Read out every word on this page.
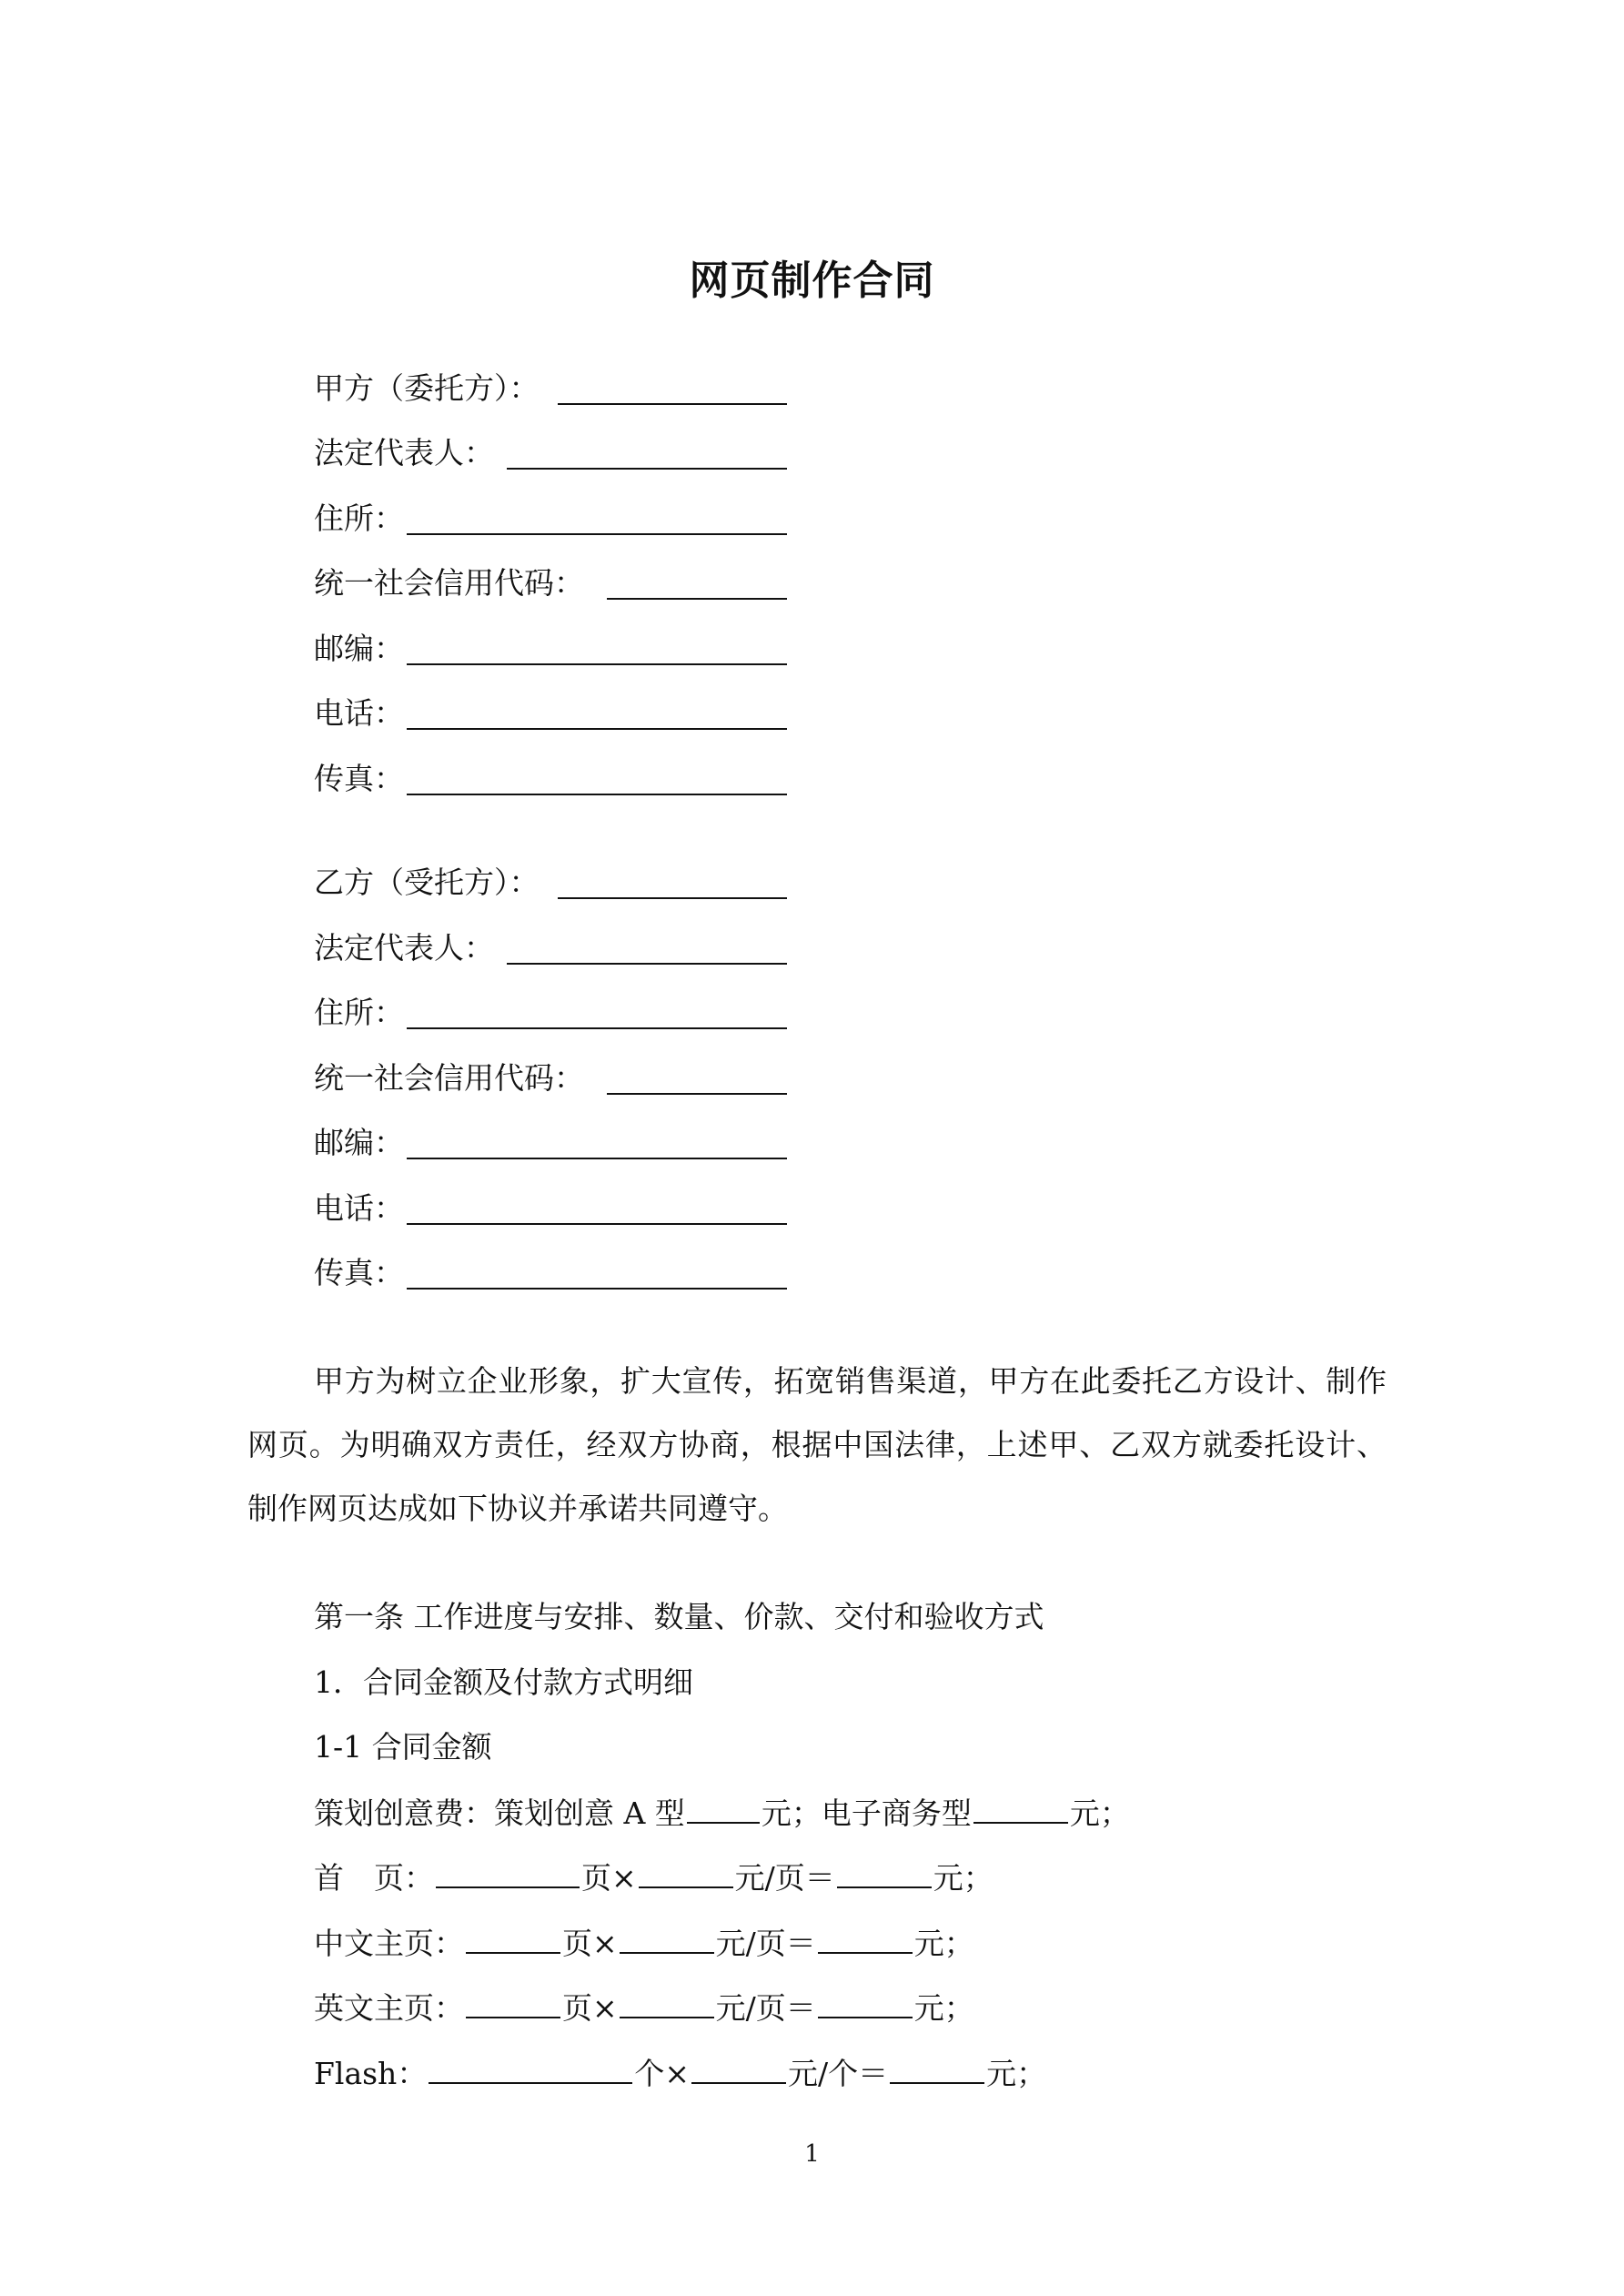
网页制作合同
甲方（委托方）：
法定代表人：
住所：
统一社会信用代码：
邮编：
电话：
传真：
乙方（受托方）：
法定代表人：
住所：
统一社会信用代码：
邮编：
电话：
传真：
甲方为树立企业形象，扩大宣传，拓宽销售渠道，甲方在此委托乙方设计、制作网页。为明确双方责任，经双方协商，根据中国法律，上述甲、乙双方就委托设计、制作网页达成如下协议并承诺共同遵守。
第一条 工作进度与安排、数量、价款、交付和验收方式
1．合同金额及付款方式明细
1-1 合同金额
策划创意费：策划创意 A 型	元；电子商务型	元；
首　页：	页×	元/页＝	元；
中文主页：	页×	元/页＝	元；
英文主页：	页×	元/页＝	元；
Flash：	个×	元/个＝	元；
1
